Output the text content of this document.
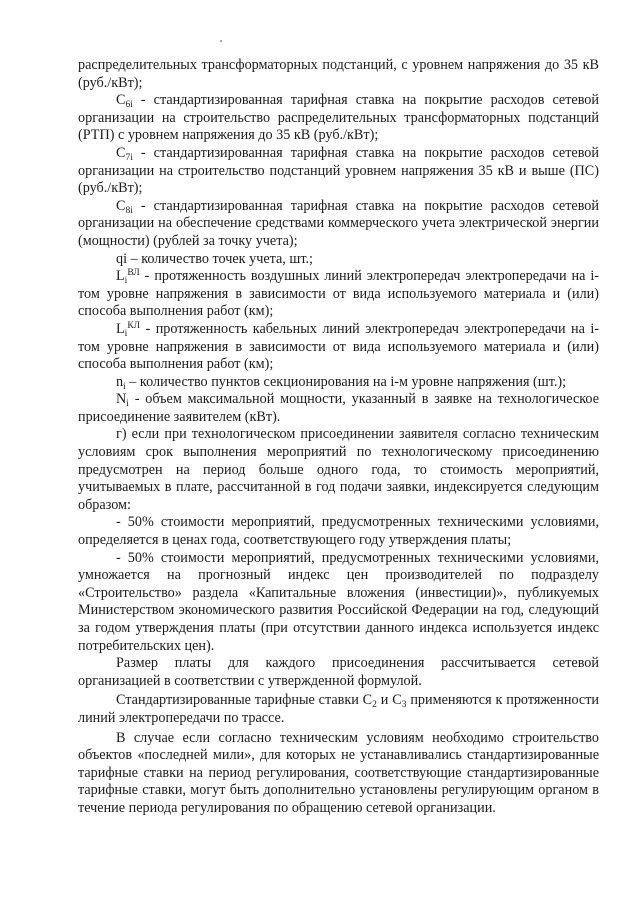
распределительных трансформаторных подстанций, с уровнем напряжения до 35 кВ (руб./кВт);

$С_{6i}$ - стандартизированная тарифная ставка на покрытие расходов сетевой организации на строительство распределительных трансформаторных подстанций (РТП) с уровнем напряжения до 35 кВ (руб./кВт);

$С_{7i}$ - стандартизированная тарифная ставка на покрытие расходов сетевой организации на строительство подстанций уровнем напряжения 35 кВ и выше (ПС) (руб./кВт);

$С_{8i}$ - стандартизированная тарифная ставка на покрытие расходов сетевой организации на обеспечение средствами коммерческого учета электрической энергии (мощности) (рублей за точку учета);

qi – количество точек учета, шт.;

$L_i^{ВЛ}$ - протяженность воздушных линий электропередач электропередачи на i-том уровне напряжения в зависимости от вида используемого материала и (или) способа выполнения работ (км);

$L_i^{КЛ}$ - протяженность кабельных линий электропередач электропередачи на i-том уровне напряжения в зависимости от вида используемого материала и (или) способа выполнения работ (км);

$n_i$ – количество пунктов секционирования на i-м уровне напряжения (шт.);

$N_i$ - объем максимальной мощности, указанный в заявке на технологическое присоединение заявителем (кВт).

г) если при технологическом присоединении заявителя согласно техническим условиям срок выполнения мероприятий по технологическому присоединению предусмотрен на период больше одного года, то стоимость мероприятий, учитываемых в плате, рассчитанной в год подачи заявки, индексируется следующим образом:

- 50% стоимости мероприятий, предусмотренных техническими условиями, определяется в ценах года, соответствующего году утверждения платы;

- 50% стоимости мероприятий, предусмотренных техническими условиями, умножается на прогнозный индекс цен производителей по подразделу «Строительство» раздела «Капитальные вложения (инвестиции)», публикуемых Министерством экономического развития Российской Федерации на год, следующий за годом утверждения платы (при отсутствии данного индекса используется индекс потребительских цен).

Размер платы для каждого присоединения рассчитывается сетевой организацией в соответствии с утвержденной формулой.

Стандартизированные тарифные ставки $С_2$ и $С_3$ применяются к протяженности линий электропередачи по трассе.

В случае если согласно техническим условиям необходимо строительство объектов «последней мили», для которых не устанавливались стандартизированные тарифные ставки на период регулирования, соответствующие стандартизированные тарифные ставки, могут быть дополнительно установлены регулирующим органом в течение периода регулирования по обращению сетевой организации.
